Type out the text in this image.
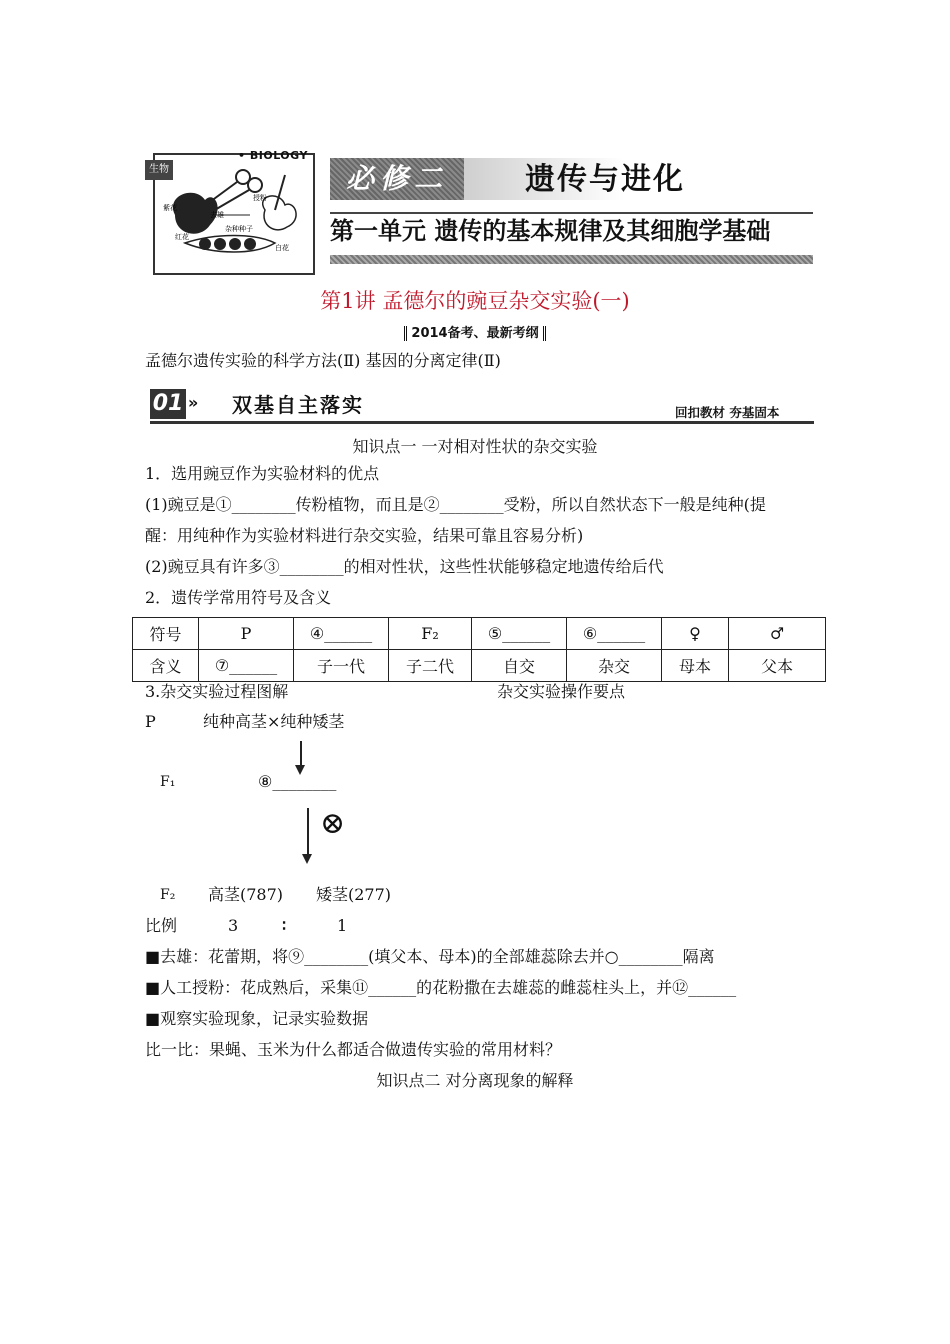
去雄
授粉
紫花
白花
红花
杂种种子
生物
• BIOLOGY
必修二	遗传与进化
第一单元 遗传的基本规律及其细胞学基础
第1讲 孟德尔的豌豆杂交实验(一)
2014备考、最新考纲
孟德尔遗传实验的科学方法(Ⅱ) 基因的分离定律(Ⅱ)
01 » 双基自主落实	回扣教材 夯基固本
知识点一 一对相对性状的杂交实验
1．选用豌豆作为实验材料的优点
(1)豌豆是①________传粉植物，而且是②________受粉，所以自然状态下一般是纯种(提
醒：用纯种作为实验材料进行杂交实验，结果可靠且容易分析)
(2)豌豆具有许多③________的相对性状，这些性状能够稳定地遗传给后代
2．遗传学常用符号及含义
符号	P	④______	F₂	⑤______	⑥______	♀	♂
含义	⑦______	子一代	子二代	自交	杂交	母本	父本
3.杂交实验过程图解	杂交实验操作要点
P	纯种高茎×纯种矮茎
F₁	⑧________
⊗
F₂ 高茎(787) 矮茎(277)
比例	3	∶	1
■去雄：花蕾期，将⑨________(填父本、母本)的全部雄蕊除去并○________隔离
■人工授粉：花成熟后，采集⑪______的花粉撒在去雄蕊的雌蕊柱头上，并⑫______
■观察实验现象，记录实验数据
比一比：果蝇、玉米为什么都适合做遗传实验的常用材料？
知识点二 对分离现象的解释
